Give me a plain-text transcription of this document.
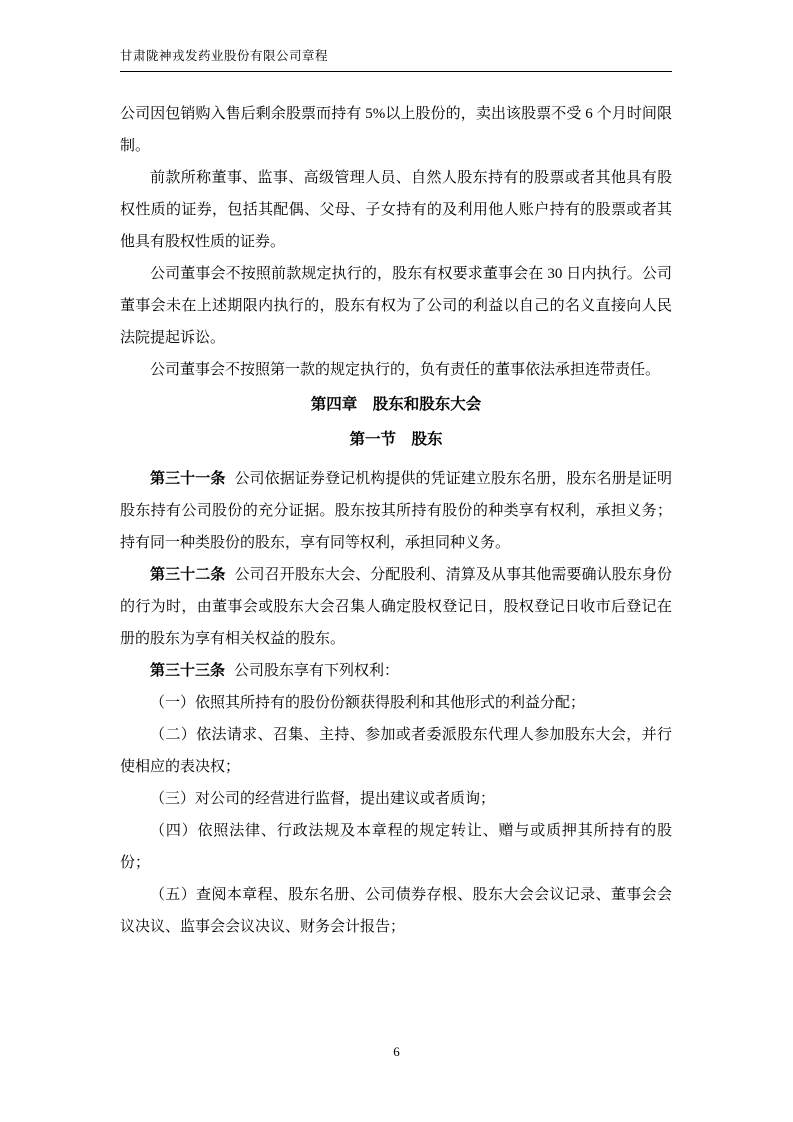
甘肃陇神戎发药业股份有限公司章程

公司因包销购入售后剩余股票而持有 5%以上股份的，卖出该股票不受 6 个月时间限制。

前款所称董事、监事、高级管理人员、自然人股东持有的股票或者其他具有股权性质的证券，包括其配偶、父母、子女持有的及利用他人账户持有的股票或者其他具有股权性质的证券。

公司董事会不按照前款规定执行的，股东有权要求董事会在 30 日内执行。公司董事会未在上述期限内执行的，股东有权为了公司的利益以自己的名义直接向人民法院提起诉讼。

公司董事会不按照第一款的规定执行的，负有责任的董事依法承担连带责任。

第四章　股东和股东大会

第一节　股东

第三十一条 公司依据证券登记机构提供的凭证建立股东名册，股东名册是证明股东持有公司股份的充分证据。股东按其所持有股份的种类享有权利，承担义务；持有同一种类股份的股东，享有同等权利，承担同种义务。

第三十二条 公司召开股东大会、分配股利、清算及从事其他需要确认股东身份的行为时，由董事会或股东大会召集人确定股权登记日，股权登记日收市后登记在册的股东为享有相关权益的股东。

第三十三条 公司股东享有下列权利：

（一）依照其所持有的股份份额获得股利和其他形式的利益分配；

（二）依法请求、召集、主持、参加或者委派股东代理人参加股东大会，并行使相应的表决权；

（三）对公司的经营进行监督，提出建议或者质询；

（四）依照法律、行政法规及本章程的规定转让、赠与或质押其所持有的股份；

（五）查阅本章程、股东名册、公司债券存根、股东大会会议记录、董事会会议决议、监事会会议决议、财务会计报告；

6
